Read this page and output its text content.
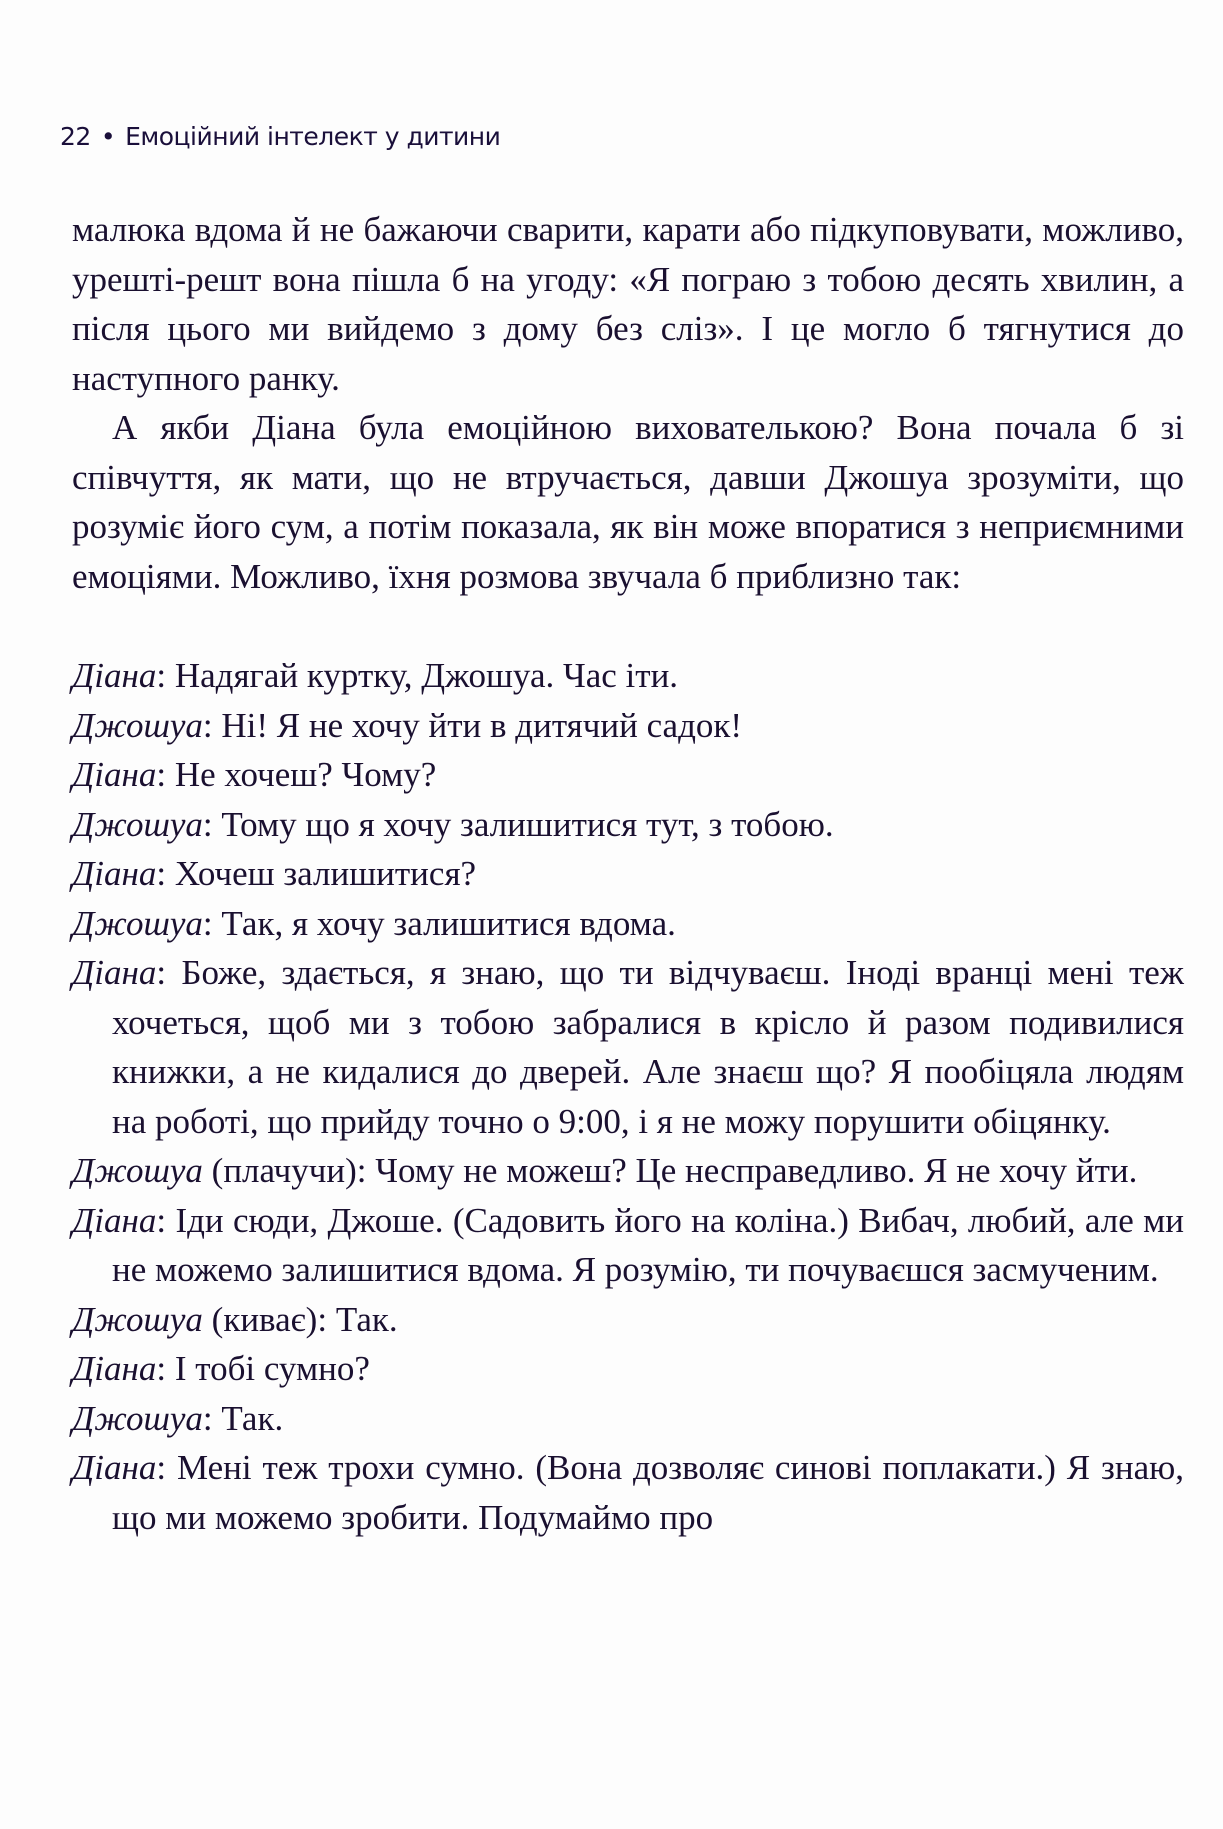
22 • Емоційний інтелект у дитини

малюка вдома й не бажаючи сварити, карати або підкуповувати, можливо, урешті-решт вона пішла б на угоду: «Я пограю з тобою десять хвилин, а після цього ми вийдемо з дому без сліз». І це могло б тягнутися до наступного ранку.

А якби Діана була емоційною вихователькою? Вона почала б зі співчуття, як мати, що не втручається, давши Джошуа зрозуміти, що розуміє його сум, а потім показала, як він може впоратися з неприємними емоціями. Можливо, їхня розмова звучала б приблизно так:

Діана: Надягай куртку, Джошуа. Час іти.

Джошуа: Ні! Я не хочу йти в дитячий садок!

Діана: Не хочеш? Чому?

Джошуа: Тому що я хочу залишитися тут, з тобою.

Діана: Хочеш залишитися?

Джошуа: Так, я хочу залишитися вдома.

Діана: Боже, здається, я знаю, що ти відчуваєш. Іноді вранці мені теж хочеться, щоб ми з тобою забралися в крісло й разом подивилися книжки, а не кидалися до дверей. Але знаєш що? Я пообіцяла людям на роботі, що прийду точно о 9:00, і я не можу порушити обіцянку.

Джошуа (плачучи): Чому не можеш? Це несправедливо. Я не хочу йти.

Діана: Іди сюди, Джоше. (Садовить його на коліна.) Вибач, любий, але ми не можемо залишитися вдома. Я розумію, ти почуваєшся засмученим.

Джошуа (киває): Так.

Діана: І тобі сумно?

Джошуа: Так.

Діана: Мені теж трохи сумно. (Вона дозволяє синові поплакати.) Я знаю, що ми можемо зробити. Подумаймо про
